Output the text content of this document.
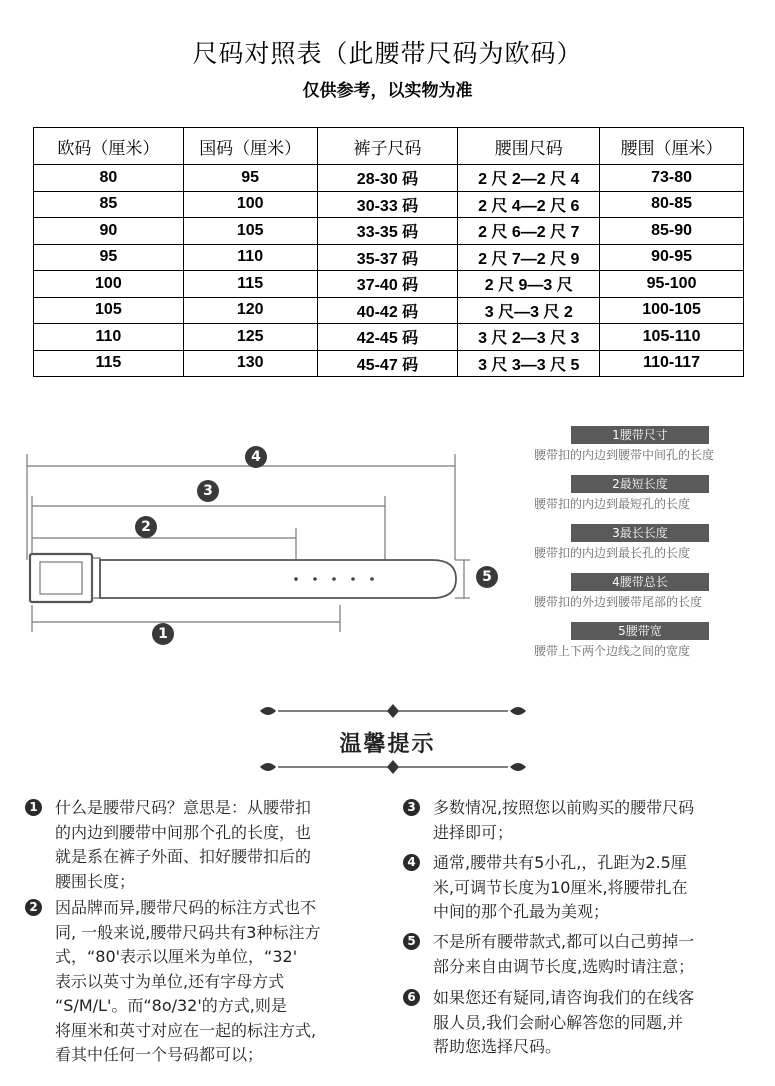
尺码对照表（此腰带尺码为欧码）
仅供参考，以实物为准
欧码（厘米）	国码（厘米）	裤子尺码	腰围尺码	腰围（厘米）
80	95	28-30 码	2 尺 2—2 尺 4	73-80
85	100	30-33 码	2 尺 4—2 尺 6	80-85
90	105	33-35 码	2 尺 6—2 尺 7	85-90
95	110	35-37 码	2 尺 7—2 尺 9	90-95
100	115	37-40 码	2 尺 9—3 尺	95-100
105	120	40-42 码	3 尺—3 尺 2	100-105
110	125	42-45 码	3 尺 2—3 尺 3	105-110
115	130	45-47 码	3 尺 3—3 尺 5	110-117
4
3
2
1
5
1腰带尺寸
腰带扣的内边到腰带中间孔的长度
2最短长度
腰带扣的内边到最短孔的长度
3最长长度
腰带扣的内边到最长孔的长度
4腰带总长
腰带扣的外边到腰带尾部的长度
5腰带宽
腰带上下两个边线之间的宽度
温馨提示
1 什么是腰带尺码？意思是：从腰带扣
的内边到腰带中间那个孔的长度，也
就是系在裤子外面、扣好腰带扣后的
腰围长度；
2 因品牌而异,腰带尺码的标注方式也不
同, 一般来说,腰带尺码共有3种标注方
式，“80'表示以厘米为单位，“32'
表示以英寸为单位,还有字母方式
“S/M/L'。而“8o/32'的方式,则是
将厘米和英寸对应在一起的标注方式,
看其中任何一个号码都可以；
3 多数情况,按照您以前购买的腰带尺码
进择即可；
4 通常,腰带共有5小孔,，孔距为2.5厘
米,可调节长度为10厘米,将腰带扎在
中间的那个孔最为美观；
5 不是所有腰带款式,都可以白己剪掉一
部分来自由调节长度,选购时请注意；
6 如果您还有疑同,请咨询我们的在线客
服人员,我们会耐心解答您的同题,并
帮助您选择尺码。
